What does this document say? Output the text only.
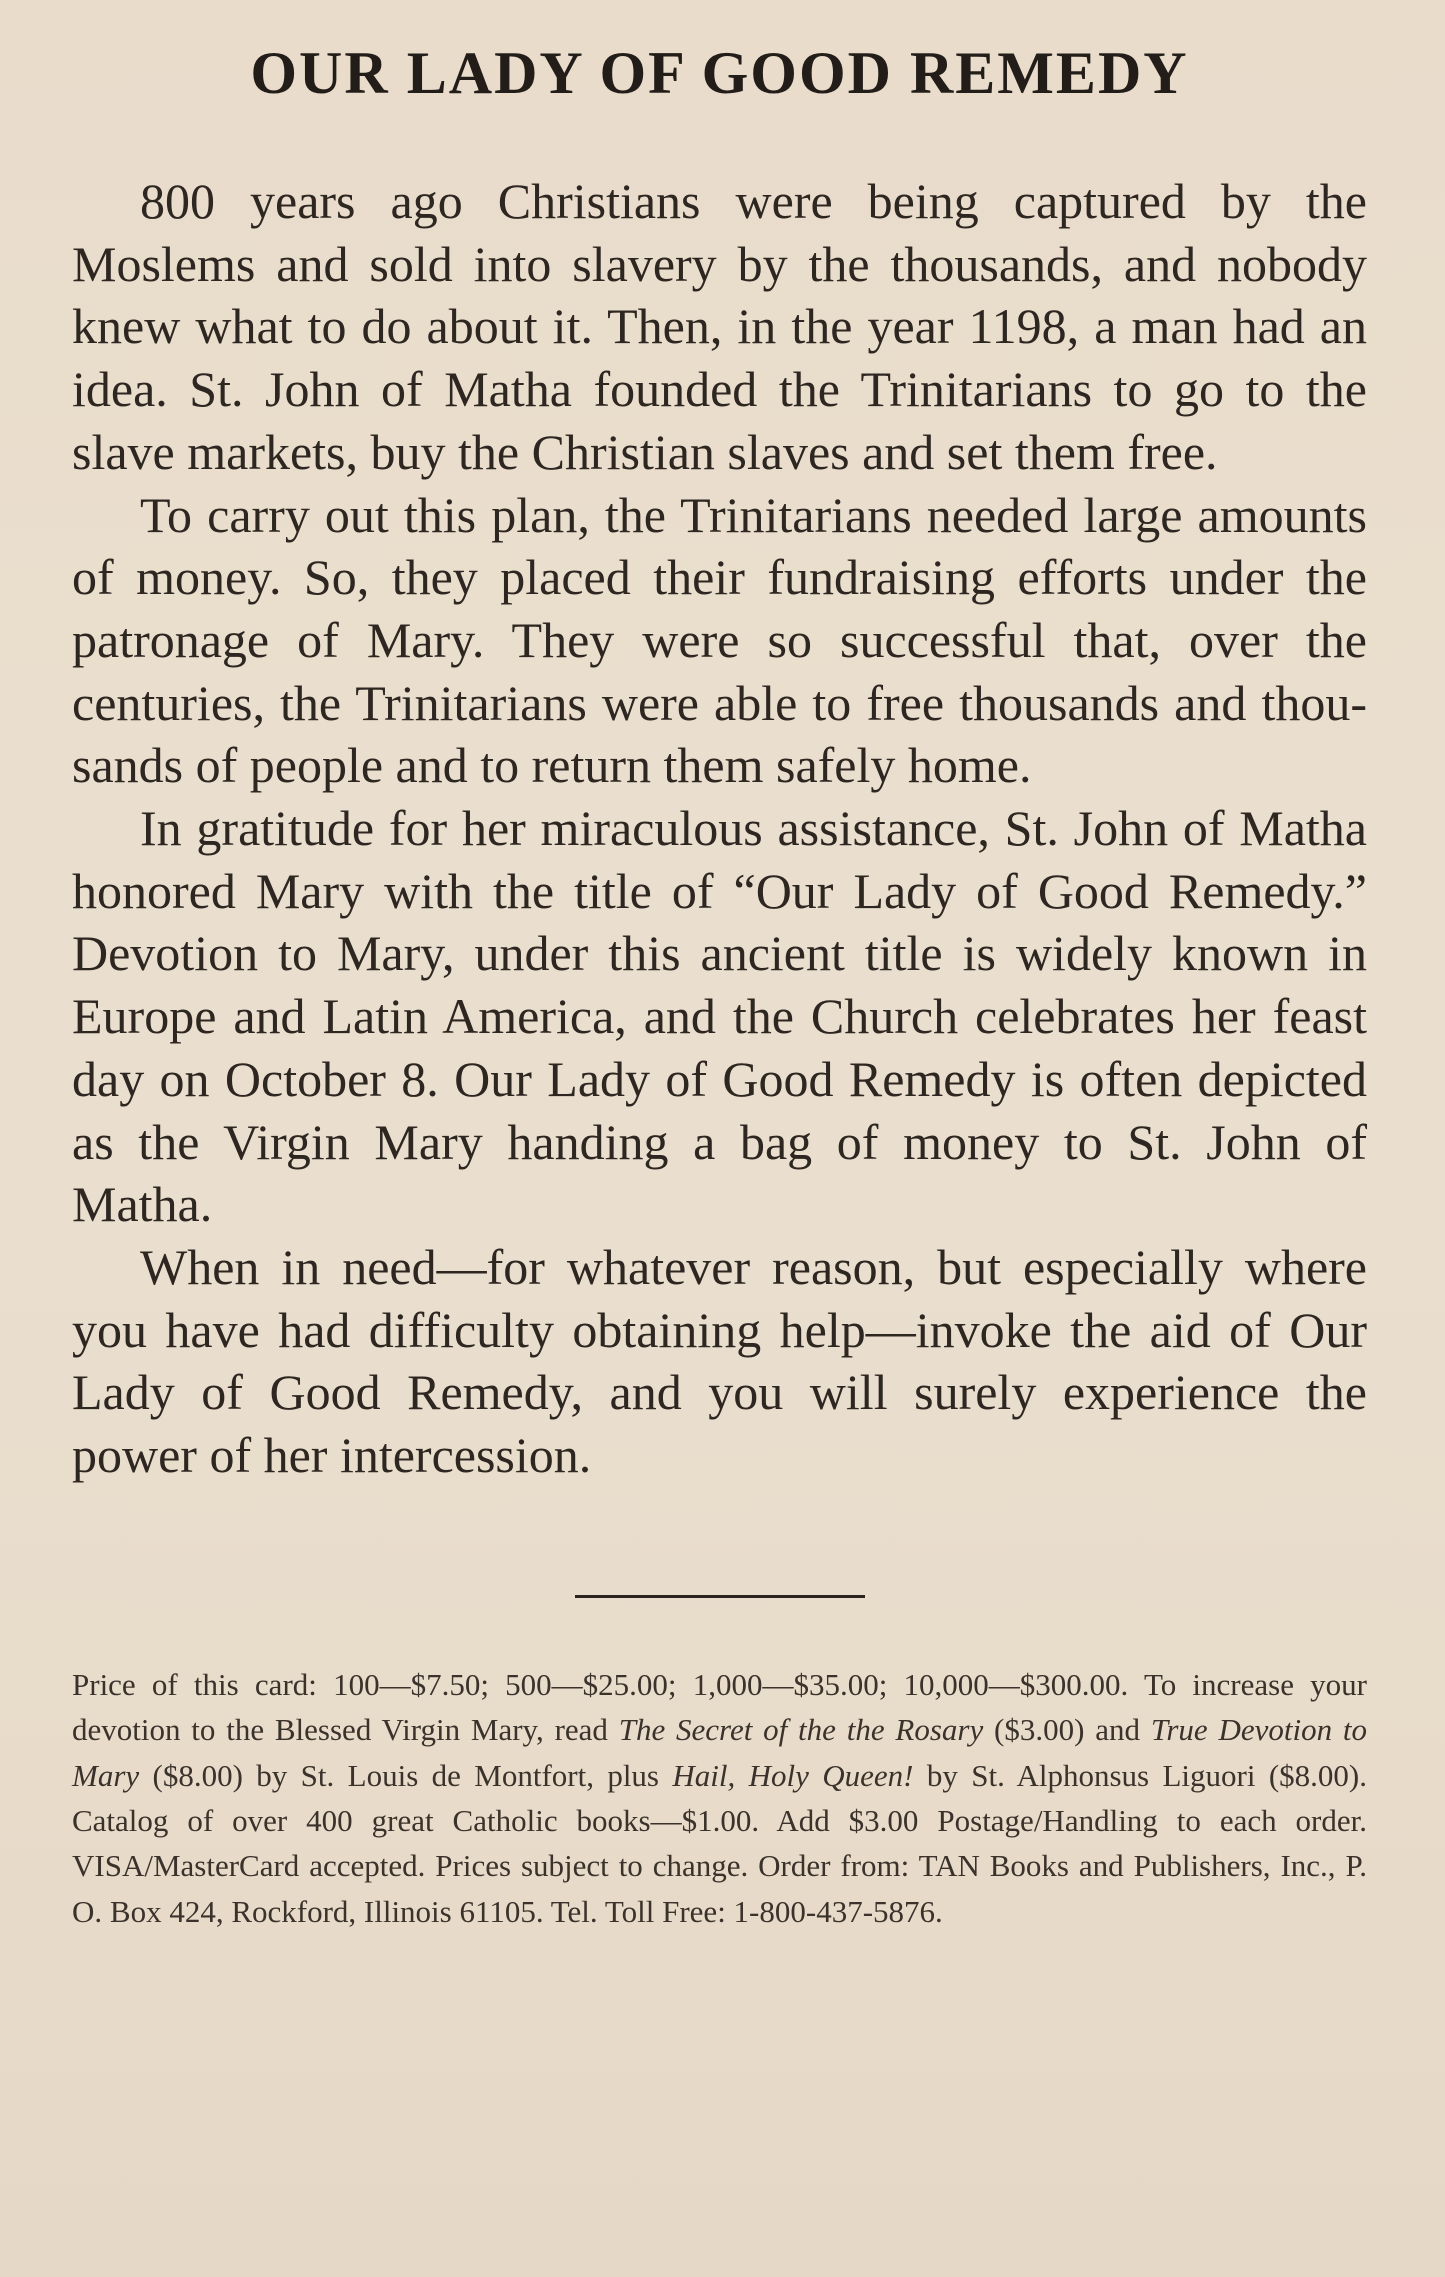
OUR LADY OF GOOD REMEDY

800 years ago Christians were being captured by the Moslems and sold into slavery by the thousands, and nobody knew what to do about it. Then, in the year 1198, a man had an idea. St. John of Matha founded the Trinitarians to go to the slave markets, buy the Christian slaves and set them free.

To carry out this plan, the Trinitarians needed large amounts of money. So, they placed their fundraising efforts under the patronage of Mary. They were so successful that, over the centuries, the Trinitarians were able to free thousands and thousands of people and to return them safely home.

In gratitude for her miraculous assistance, St. John of Matha honored Mary with the title of “Our Lady of Good Remedy.” Devotion to Mary, under this ancient title is widely known in Europe and Latin America, and the Church celebrates her feast day on October 8. Our Lady of Good Remedy is often depicted as the Virgin Mary handing a bag of money to St. John of Matha.

When in need—for whatever reason, but especially where you have had difficulty obtaining help—invoke the aid of Our Lady of Good Remedy, and you will surely experience the power of her intercession.

Price of this card: 100—$7.50; 500—$25.00; 1,000—$35.00; 10,000—$300.00. To increase your devotion to the Blessed Virgin Mary, read The Secret of the the Rosary ($3.00) and True Devotion to Mary ($8.00) by St. Louis de Montfort, plus Hail, Holy Queen! by St. Alphonsus Liguori ($8.00). Catalog of over 400 great Catholic books—$1.00. Add $3.00 Postage/Handling to each order. VISA/MasterCard accepted. Prices subject to change. Order from: TAN Books and Publishers, Inc., P. O. Box 424, Rockford, Illinois 61105. Tel. Toll Free: 1-800-437-5876.
